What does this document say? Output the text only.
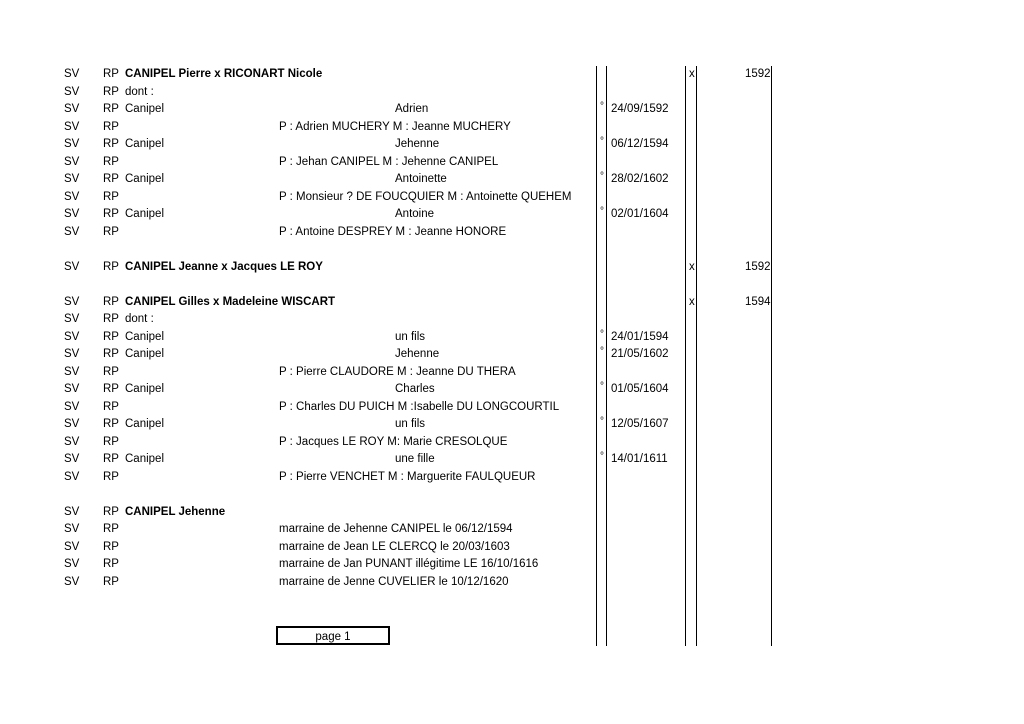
SV RP CANIPEL Pierre x RICONART Nicole	x	1592
SV RP dont :
SV RP Canipel	Adrien	° 24/09/1592
SV RP	P : Adrien MUCHERY M : Jeanne MUCHERY
SV RP Canipel	Jehenne	° 06/12/1594
SV RP	P : Jehan CANIPEL M : Jehenne CANIPEL
SV RP Canipel	Antoinette	° 28/02/1602
SV RP	P : Monsieur ? DE FOUCQUIER M : Antoinette QUEHEM
SV RP Canipel	Antoine	° 02/01/1604
SV RP	P : Antoine DESPREY M : Jeanne HONORE
SV RP CANIPEL Jeanne x Jacques LE ROY	x	1592
SV RP CANIPEL Gilles x Madeleine WISCART	x	1594
SV RP dont :
SV RP Canipel	un fils	° 24/01/1594
SV RP Canipel	Jehenne	° 21/05/1602
SV RP	P : Pierre CLAUDORE M : Jeanne DU THERA
SV RP Canipel	Charles	° 01/05/1604
SV RP	P : Charles DU PUICH M :Isabelle DU LONGCOURTIL
SV RP Canipel	un fils	° 12/05/1607
SV RP	P : Jacques LE ROY M: Marie CRESOLQUE
SV RP Canipel	une fille	° 14/01/1611
SV RP	P : Pierre VENCHET M : Marguerite FAULQUEUR
SV RP CANIPEL Jehenne
SV RP	marraine de Jehenne CANIPEL le 06/12/1594
SV RP	marraine de Jean LE CLERCQ le 20/03/1603
SV RP	marraine de Jan PUNANT illégitime LE 16/10/1616
SV RP	marraine de Jenne CUVELIER le 10/12/1620
page 1
